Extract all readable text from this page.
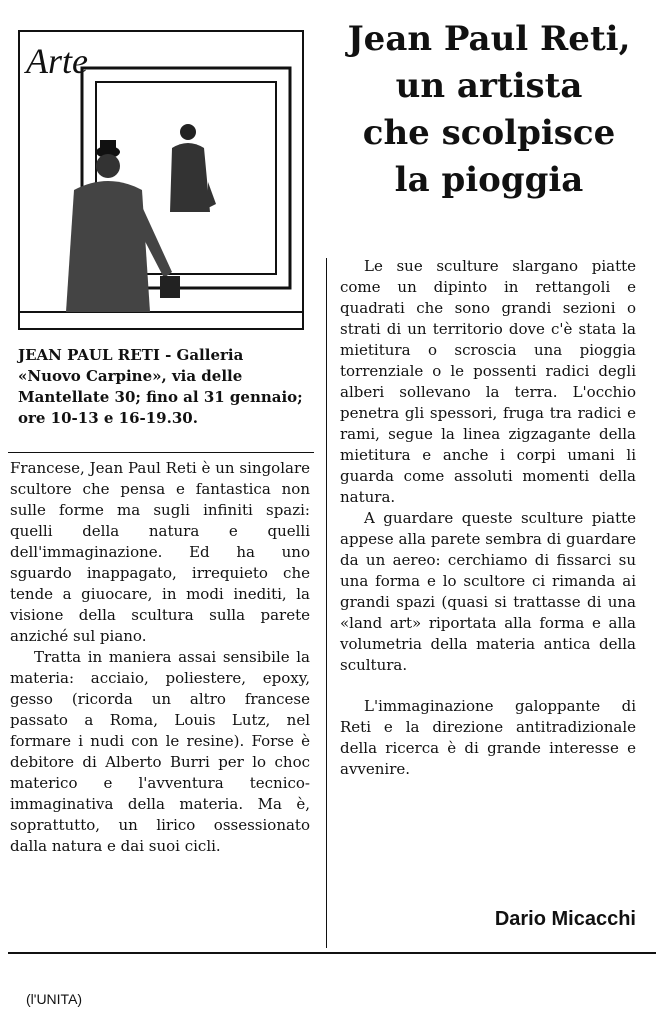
Arte
JEAN PAUL RETI - Galleria «Nuovo Carpine», via delle Mantellate 30; fino al 31 gennaio; ore 10-13 e 16-19.30.

Francese, Jean Paul Reti è un singolare scultore che pensa e fantastica non sulle forme ma sugli infiniti spazi: quelli della natura e quelli dell'immaginazione. Ed ha uno sguardo inappagato, irrequieto che tende a giuocare, in modi inediti, la visione della scultura sulla parete anziché sul piano.

Tratta in maniera assai sensibile la materia: acciaio, poliestere, epoxy, gesso (ricorda un altro francese passato a Roma, Louis Lutz, nel formare i nudi con le resine). Forse è debitore di Alberto Burri per lo choc materico e l'avventura tecnico-immaginativa della materia. Ma è, soprattutto, un lirico ossessionato dalla natura e dai suoi cicli.

Jean Paul Reti,
un artista
che scolpisce
la pioggia

Le sue sculture slargano piatte come un dipinto in rettangoli e quadrati che sono grandi sezioni o strati di un territorio dove c'è stata la mietitura o scroscia una pioggia torrenziale o le possenti radici degli alberi sollevano la terra. L'occhio penetra gli spessori, fruga tra radici e rami, segue la linea zigzagante della mietitura e anche i corpi umani li guarda come assoluti momenti della natura.

A guardare queste sculture piatte appese alla parete sembra di guardare da un aereo: cerchiamo di fissarci su una forma e lo scultore ci rimanda ai grandi spazi (quasi si trattasse di una «land art» riportata alla forma e alla volumetria della materia antica della scultura.

L'immaginazione galoppante di Reti e la direzione antitradizionale della ricerca è di grande interesse e avvenire.

Dario Micacchi
(l'UNITA)
